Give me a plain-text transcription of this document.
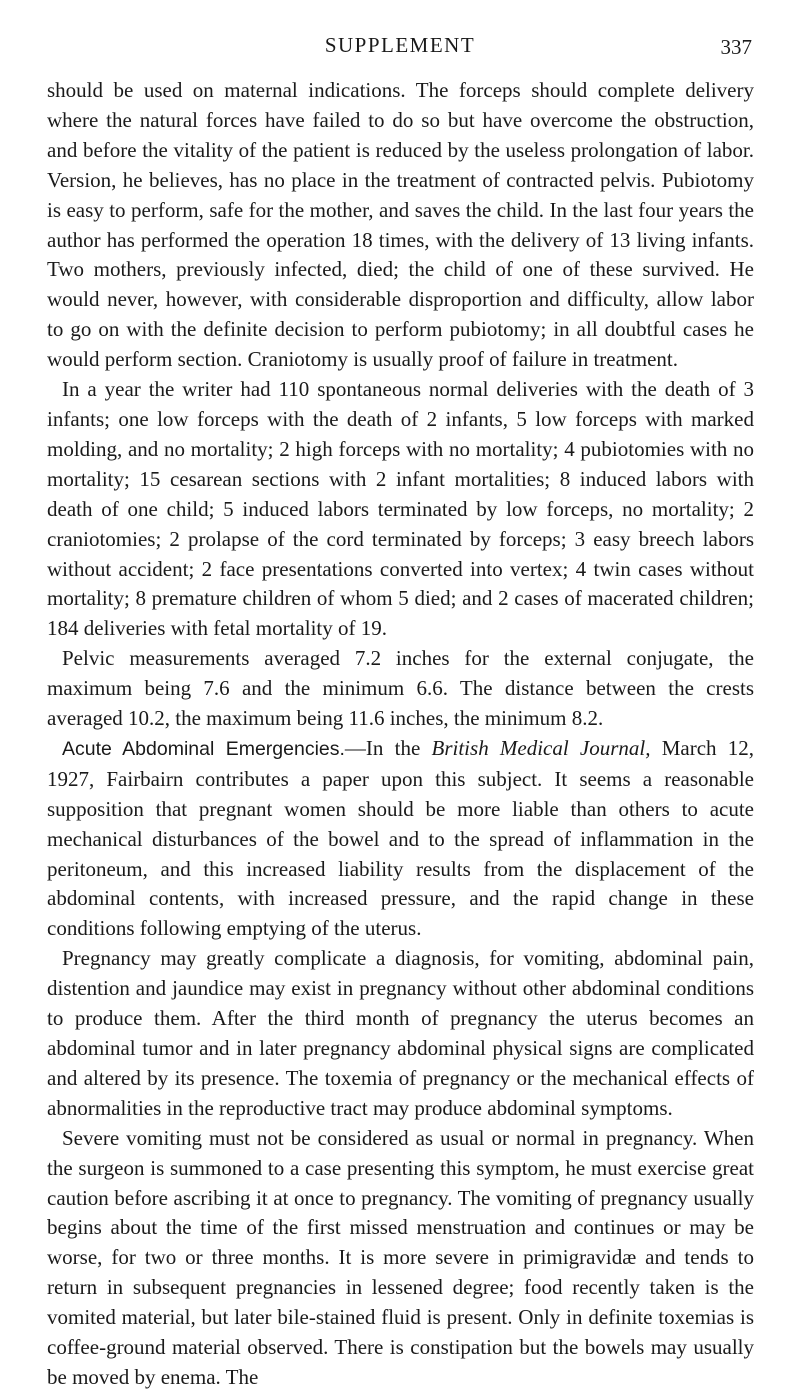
SUPPLEMENT	337

should be used on maternal indications. The forceps should complete delivery where the natural forces have failed to do so but have overcome the obstruction, and before the vitality of the patient is reduced by the useless prolongation of labor. Version, he believes, has no place in the treatment of contracted pelvis. Pubiotomy is easy to perform, safe for the mother, and saves the child. In the last four years the author has performed the operation 18 times, with the delivery of 13 living infants. Two mothers, previously infected, died; the child of one of these survived. He would never, however, with considerable disproportion and difficulty, allow labor to go on with the definite decision to perform pubiotomy; in all doubtful cases he would perform section. Craniotomy is usually proof of failure in treatment.

In a year the writer had 110 spontaneous normal deliveries with the death of 3 infants; one low forceps with the death of 2 infants, 5 low forceps with marked molding, and no mortality; 2 high forceps with no mortality; 4 pubiotomies with no mortality; 15 cesarean sections with 2 infant mortalities; 8 induced labors with death of one child; 5 induced labors terminated by low forceps, no mortality; 2 craniotomies; 2 prolapse of the cord terminated by forceps; 3 easy breech labors without accident; 2 face presentations converted into vertex; 4 twin cases without mortality; 8 premature children of whom 5 died; and 2 cases of macerated children; 184 deliveries with fetal mortality of 19.

Pelvic measurements averaged 7.2 inches for the external conjugate, the maximum being 7.6 and the minimum 6.6. The distance between the crests averaged 10.2, the maximum being 11.6 inches, the minimum 8.2.

Acute Abdominal Emergencies.—In the British Medical Journal, March 12, 1927, Fairbairn contributes a paper upon this subject. It seems a reasonable supposition that pregnant women should be more liable than others to acute mechanical disturbances of the bowel and to the spread of inflammation in the peritoneum, and this increased liability results from the displacement of the abdominal contents, with increased pressure, and the rapid change in these conditions following emptying of the uterus.

Pregnancy may greatly complicate a diagnosis, for vomiting, abdominal pain, distention and jaundice may exist in pregnancy without other abdominal conditions to produce them. After the third month of pregnancy the uterus becomes an abdominal tumor and in later pregnancy abdominal physical signs are complicated and altered by its presence. The toxemia of pregnancy or the mechanical effects of abnormalities in the reproductive tract may produce abdominal symptoms.

Severe vomiting must not be considered as usual or normal in pregnancy. When the surgeon is summoned to a case presenting this symptom, he must exercise great caution before ascribing it at once to pregnancy. The vomiting of pregnancy usually begins about the time of the first missed menstruation and continues or may be worse, for two or three months. It is more severe in primigravidæ and tends to return in subsequent pregnancies in lessened degree; food recently taken is the vomited material, but later bile-stained fluid is present. Only in definite toxemias is coffee-ground material observed. There is constipation but the bowels may usually be moved by enema. The
